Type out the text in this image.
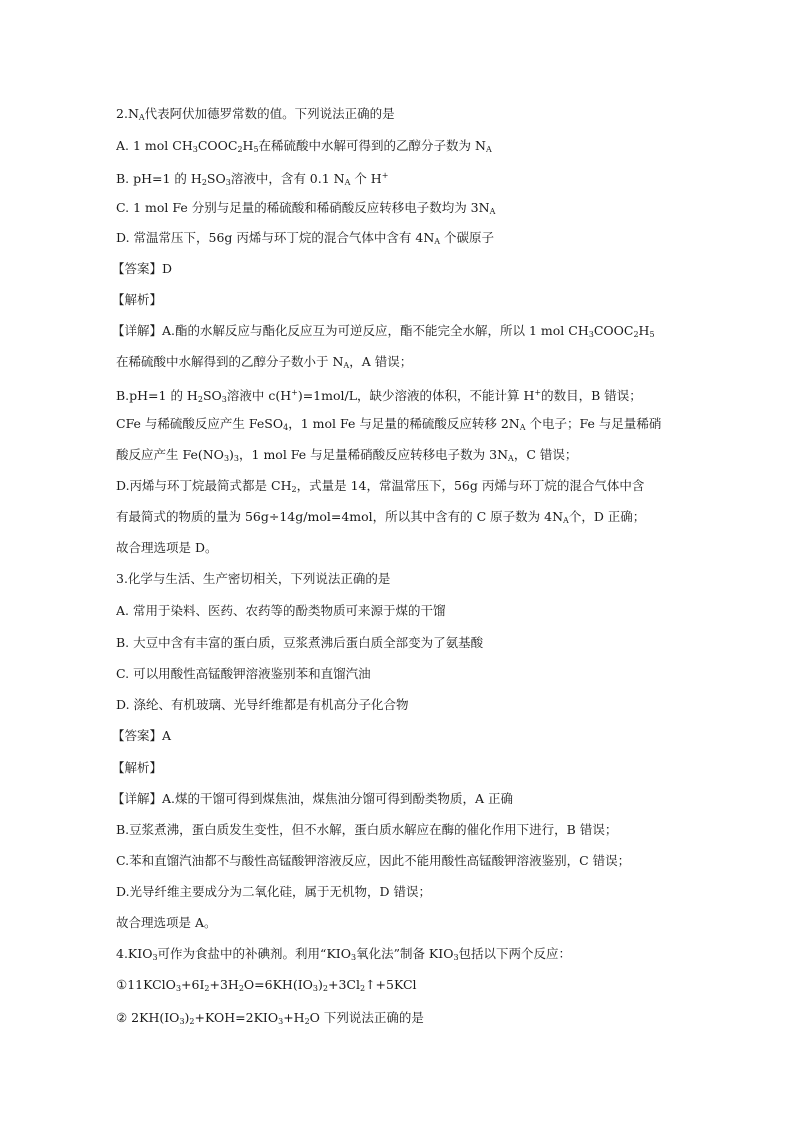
$2.N_A$代表阿伏加德罗常数的值。下列说法正确的是
A. 1 mol $CH_3COOC_2H_5$在稀硫酸中水解可得到的乙醇分子数为 $N_A$
B. pH=1 的 $H_2SO_3$溶液中，含有 0.1 $N_A$ 个 H+
C. 1 mol Fe 分别与足量的稀硫酸和稀硝酸反应转移电子数均为 $3N_A$
D. 常温常压下，56g 丙烯与环丁烷的混合气体中含有 $4N_A$ 个碳原子
【答案】D
【解析】
【详解】A.酯的水解反应与酯化反应互为可逆反应，酯不能完全水解，所以 1 mol $CH_3COOC_2H_5$
在稀硫酸中水解得到的乙醇分子数小于 $N_A$，A 错误；
B.pH=1 的 $H_2SO_3$溶液中 c(H+)=1mol/L，缺少溶液的体积，不能计算 H+的数目，B 错误；
CFe 与稀硫酸反应产生 FeSO$_4$，1 mol Fe 与足量的稀硫酸反应转移 $2N_A$ 个电子；Fe 与足量稀硝
酸反应产生 $Fe(NO_3)_3$，1 mol Fe 与足量稀硝酸反应转移电子数为 $3N_A$，C 错误；
D.丙烯与环丁烷最简式都是 $CH_2$，式量是 14，常温常压下，56g 丙烯与环丁烷的混合气体中含
有最简式的物质的量为 56g÷14g/mol=4mol，所以其中含有的 C 原子数为 $4N_A$个，D 正确；
故合理选项是 D。
3.化学与生活、生产密切相关，下列说法正确的是
A. 常用于染料、医药、农药等的酚类物质可来源于煤的干馏
B. 大豆中含有丰富的蛋白质，豆浆煮沸后蛋白质全部变为了氨基酸
C. 可以用酸性高锰酸钾溶液鉴别苯和直馏汽油
D. 涤纶、有机玻璃、光导纤维都是有机高分子化合物
【答案】A
【解析】
【详解】A.煤的干馏可得到煤焦油，煤焦油分馏可得到酚类物质，A 正确
B.豆浆煮沸，蛋白质发生变性，但不水解，蛋白质水解应在酶的催化作用下进行，B 错误；
C.苯和直馏汽油都不与酸性高锰酸钾溶液反应，因此不能用酸性高锰酸钾溶液鉴别，C 错误；
D.光导纤维主要成分为二氧化硅，属于无机物，D 错误；
故合理选项是 A。
$4.KIO_3$可作为食盐中的补碘剂。利用“$KIO_3$氧化法”制备 $KIO_3$包括以下两个反应：
$①11KClO_3+6I_2+3H_2O=6KH(IO_3)_2+3Cl_2↑+5KCl$
② $2KH(IO_3)_2+KOH=2KIO_3+H_2O$ 下列说法正确的是
